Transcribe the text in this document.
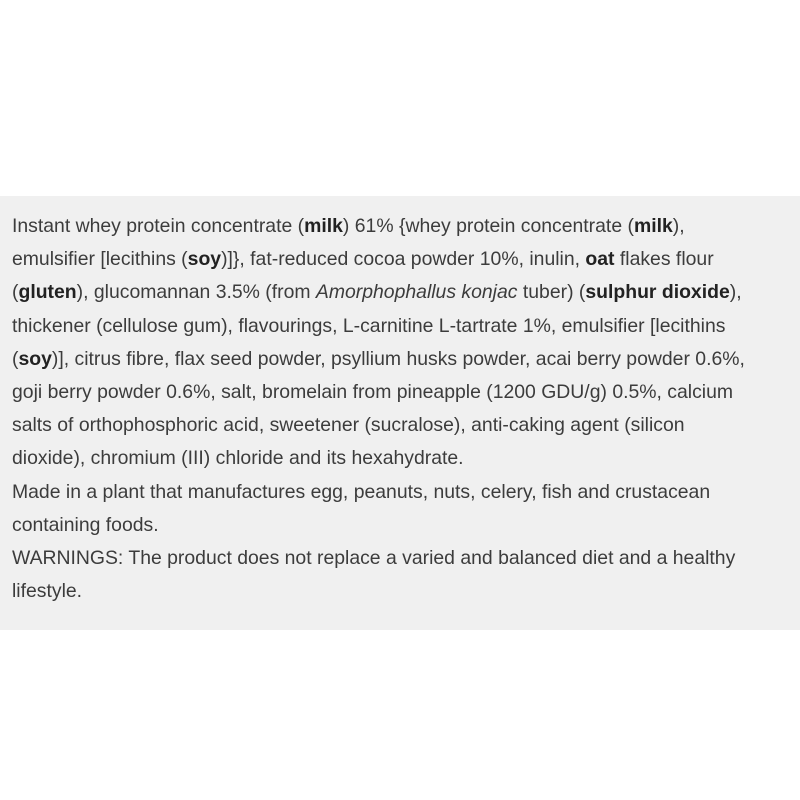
Instant whey protein concentrate (milk) 61% {whey protein concentrate (milk),
emulsifier [lecithins (soy)]}, fat-reduced cocoa powder 10%, inulin, oat flakes flour
(gluten), glucomannan 3.5% (from Amorphophallus konjac tuber) (sulphur dioxide),
thickener (cellulose gum), flavourings, L-carnitine L-tartrate 1%, emulsifier [lecithins
(soy)], citrus fibre, flax seed powder, psyllium husks powder, acai berry powder 0.6%,
goji berry powder 0.6%, salt, bromelain from pineapple (1200 GDU/g) 0.5%, calcium
salts of orthophosphoric acid, sweetener (sucralose), anti-caking agent (silicon
dioxide), chromium (III) chloride and its hexahydrate.
Made in a plant that manufactures egg, peanuts, nuts, celery, fish and crustacean
containing foods.
WARNINGS: The product does not replace a varied and balanced diet and a healthy
lifestyle.
